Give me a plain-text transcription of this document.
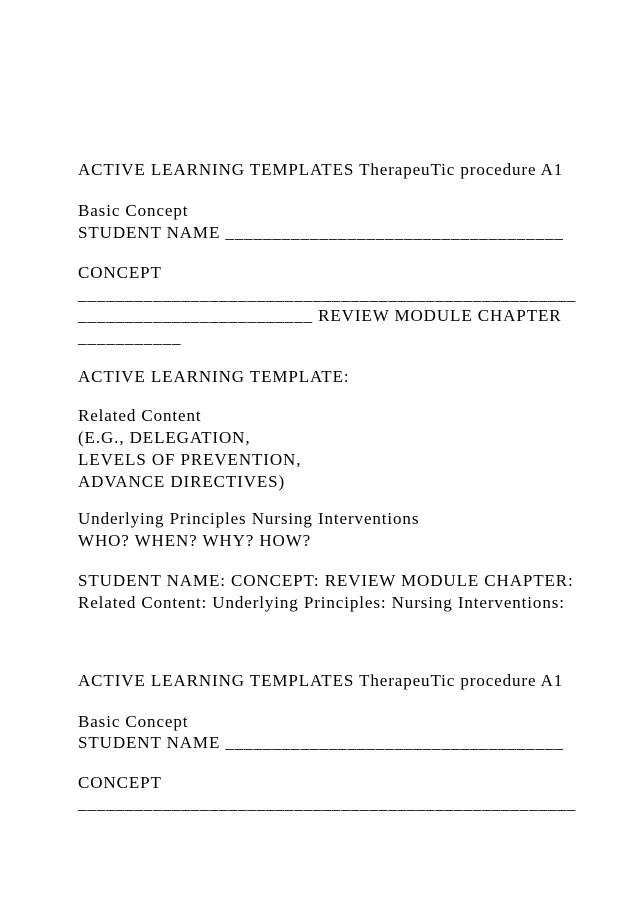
ACTIVE LEARNING TEMPLATES TherapeuTic procedure A1

Basic Concept

STUDENT NAME ____________________________________

CONCEPT

_____________________________________________________

_________________________ REVIEW MODULE CHAPTER

___________

ACTIVE LEARNING TEMPLATE:

Related Content

(E.G., DELEGATION,

LEVELS OF PREVENTION,

ADVANCE DIRECTIVES)

Underlying Principles Nursing Interventions

WHO? WHEN? WHY? HOW?

STUDENT NAME: CONCEPT: REVIEW MODULE CHAPTER:

Related Content: Underlying Principles: Nursing Interventions:

ACTIVE LEARNING TEMPLATES TherapeuTic procedure A1

Basic Concept

STUDENT NAME ____________________________________

CONCEPT

_____________________________________________________
